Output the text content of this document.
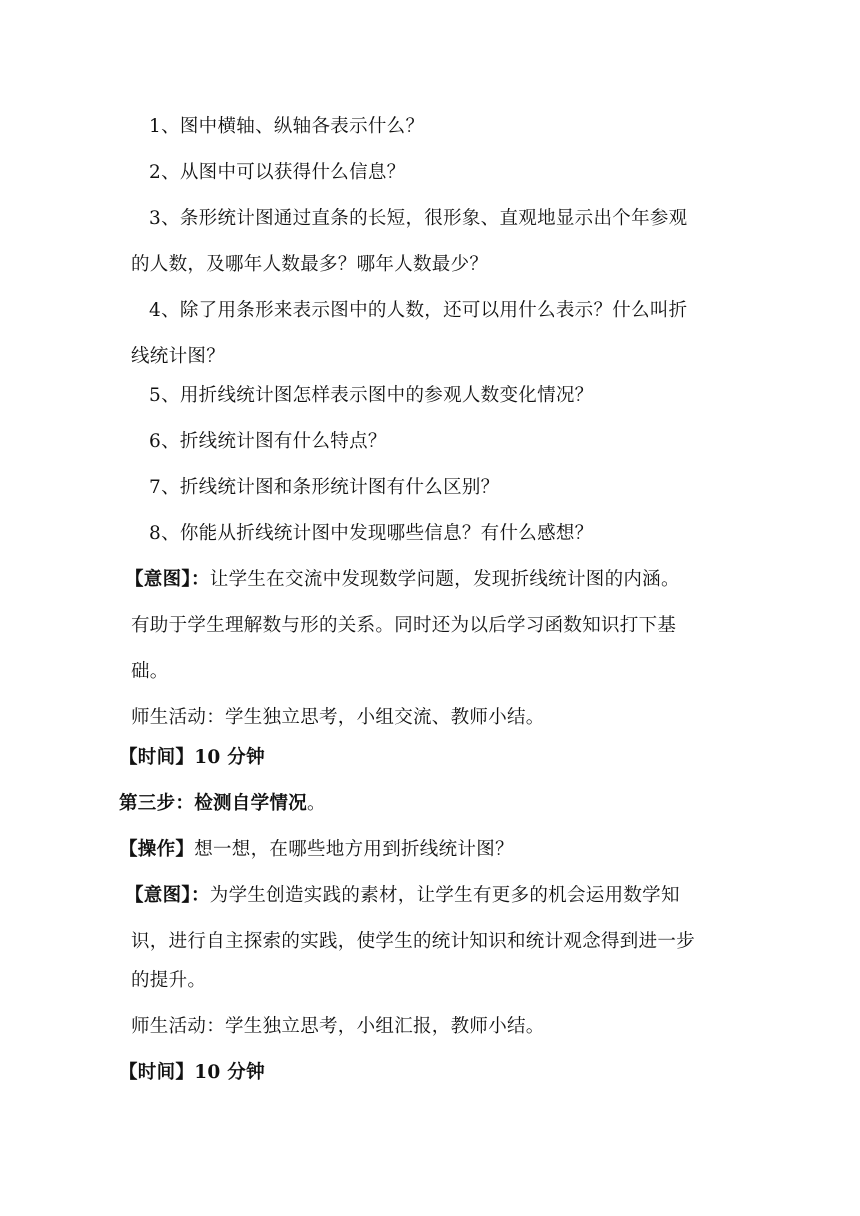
1、图中横轴、纵轴各表示什么？
2、从图中可以获得什么信息？
3、条形统计图通过直条的长短，很形象、直观地显示出个年参观
的人数，及哪年人数最多？哪年人数最少？
4、除了用条形来表示图中的人数，还可以用什么表示？什么叫折
线统计图？
5、用折线统计图怎样表示图中的参观人数变化情况？
6、折线统计图有什么特点？
7、折线统计图和条形统计图有什么区别？
8、你能从折线统计图中发现哪些信息？有什么感想？
【意图】：让学生在交流中发现数学问题，发现折线统计图的内涵。
有助于学生理解数与形的关系。同时还为以后学习函数知识打下基
础。
师生活动：学生独立思考，小组交流、教师小结。
【时间】10 分钟
第三步：检测自学情况。
【操作】想一想，在哪些地方用到折线统计图？
【意图】：为学生创造实践的素材，让学生有更多的机会运用数学知
识，进行自主探索的实践，使学生的统计知识和统计观念得到进一步
的提升。
师生活动：学生独立思考，小组汇报，教师小结。
【时间】10 分钟
